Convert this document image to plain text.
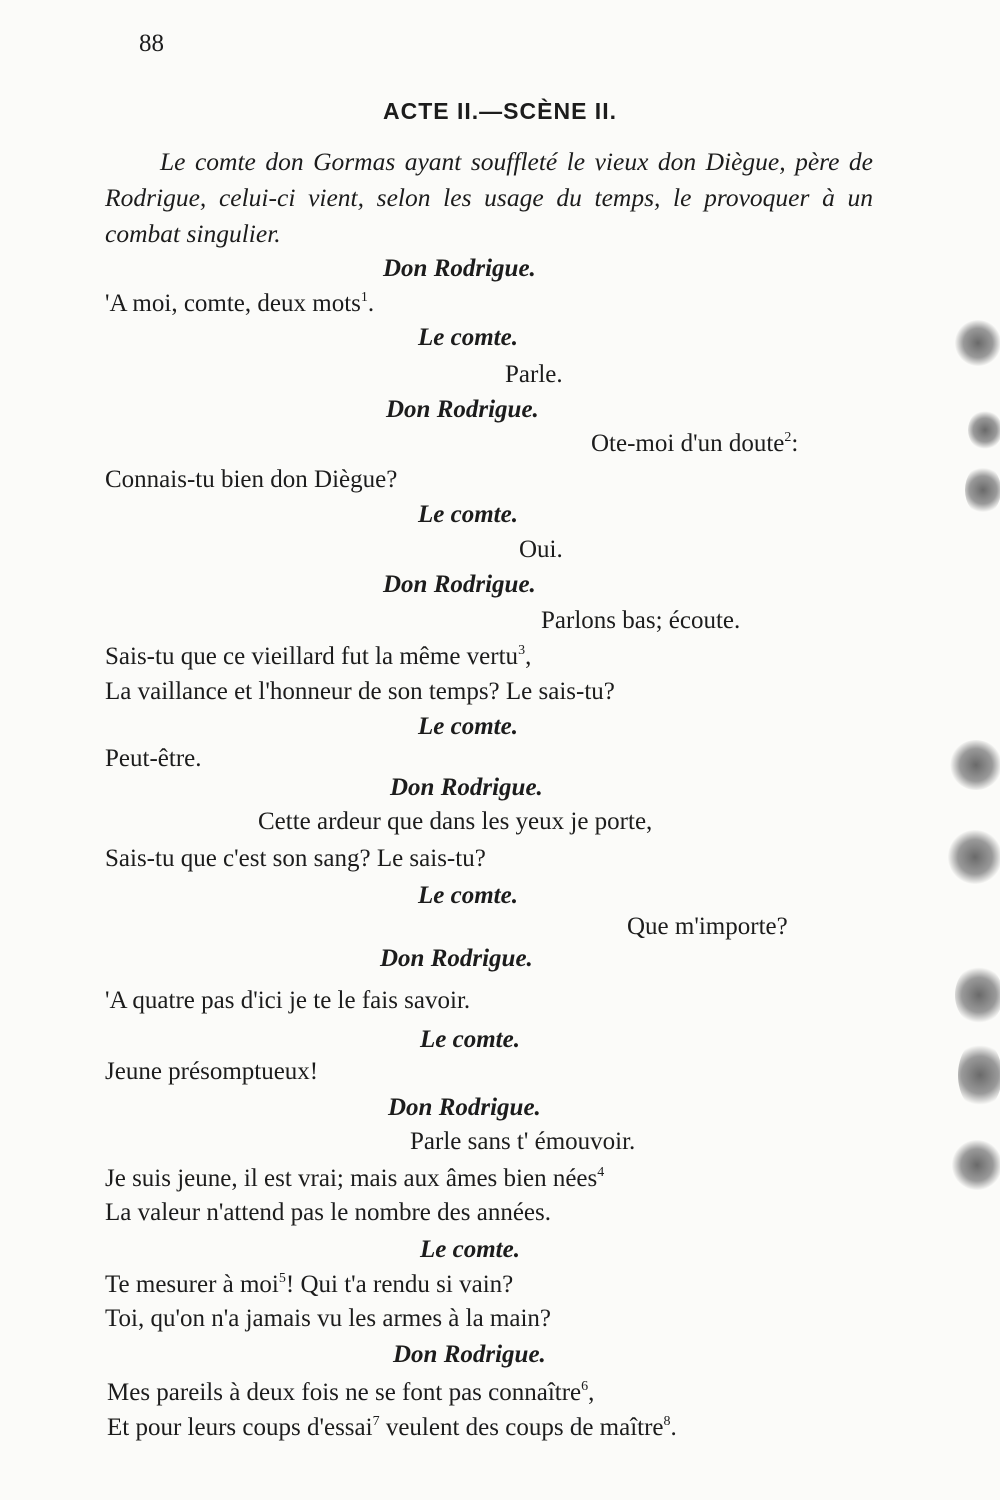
88
ACTE II.—SCÈNE II.

Le comte don Gormas ayant souffleté le vieux don Diègue, père de Rodrigue, celui-ci vient, selon les usage du temps, le provoquer à un combat singulier.

Don Rodrigue.
'A moi, comte, deux mots$^1$.
Le comte.
Parle.
Don Rodrigue.
Ote-moi d'un doute$^2$:
Connais-tu bien don Diègue?
Le comte.
Oui.
Don Rodrigue.
Parlons bas; écoute.
Sais-tu que ce vieillard fut la même vertu$^3$,
La vaillance et l'honneur de son temps? Le sais-tu?
Le comte.
Peut-être.
Don Rodrigue.
Cette ardeur que dans les yeux je porte,
Sais-tu que c'est son sang? Le sais-tu?
Le comte.
Que m'importe?
Don Rodrigue.
'A quatre pas d'ici je te le fais savoir.
Le comte.
Jeune présomptueux!
Don Rodrigue.
Parle sans t' émouvoir.
Je suis jeune, il est vrai; mais aux âmes bien nées$^4$
La valeur n'attend pas le nombre des années.
Le comte.
Te mesurer à moi$^5$! Qui t'a rendu si vain?
Toi, qu'on n'a jamais vu les armes à la main?
Don Rodrigue.
Mes pareils à deux fois ne se font pas connaître$^6$,
Et pour leurs coups d'essai$^7$ veulent des coups de maître$^8$.
